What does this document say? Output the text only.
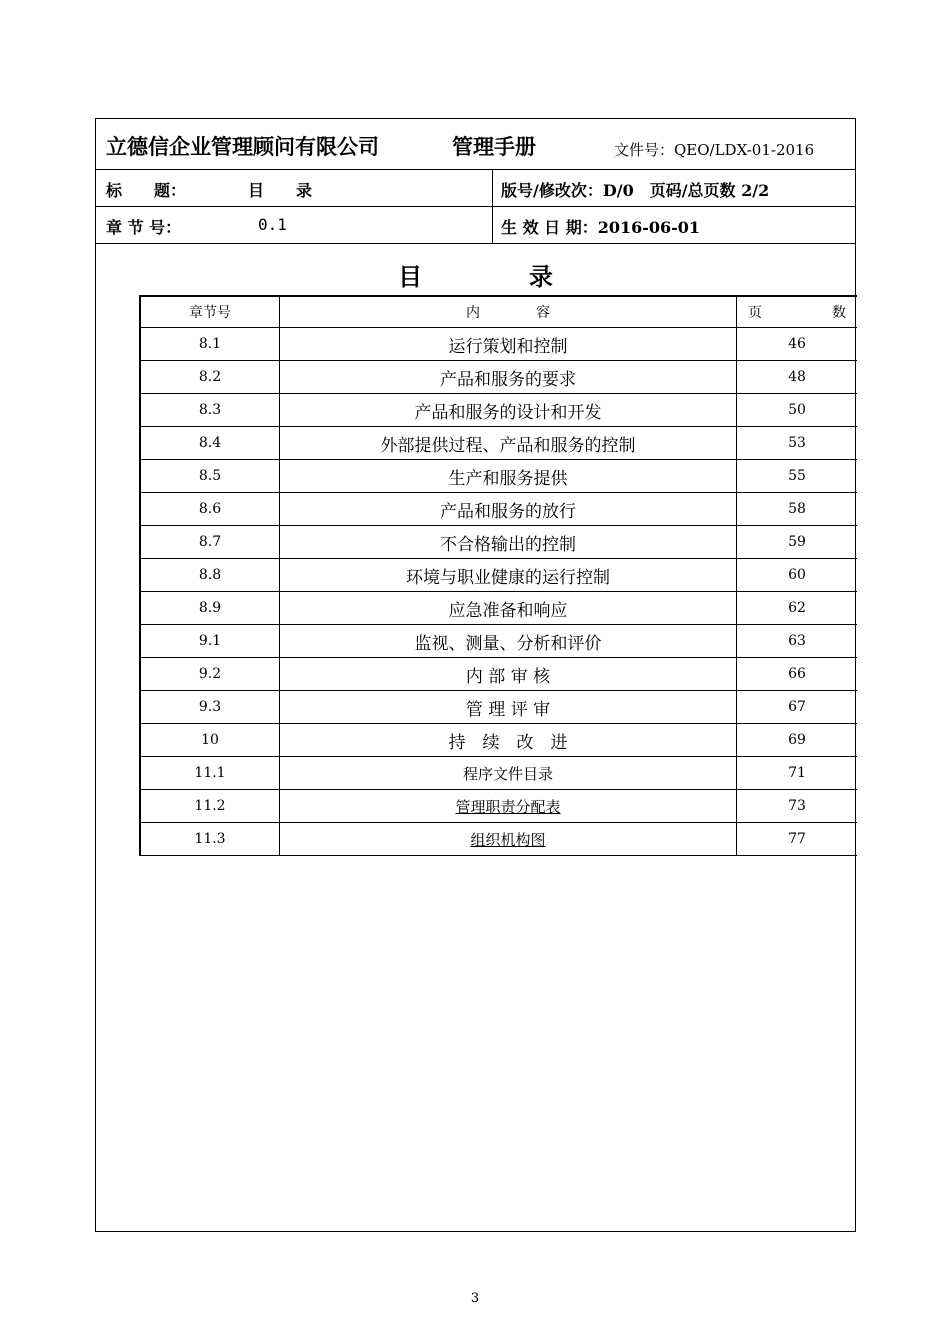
立德信企业管理顾问有限公司	管理手册	文件号：QEO/LDX-01-2016
标　　题：	目　　录	版号/修改次：D/0　页码/总页数 2/2
章 节 号：	0.1	生 效 日 期：2016-06-01
目	录
章节号	内　　　　容	页　　　　　数
8.1	运行策划和控制	46
8.2	产品和服务的要求	48
8.3	产品和服务的设计和开发	50
8.4	外部提供过程、产品和服务的控制	53
8.5	生产和服务提供	55
8.6	产品和服务的放行	58
8.7	不合格输出的控制	59
8.8	环境与职业健康的运行控制	60
8.9	应急准备和响应	62
9.1	监视、测量、分析和评价	63
9.2	内 部 审 核	66
9.3	管 理 评 审	67
10	持　续　改　进	69
11.1	程序文件目录	71
11.2	管理职责分配表	73
11.3	组织机构图	77
3
